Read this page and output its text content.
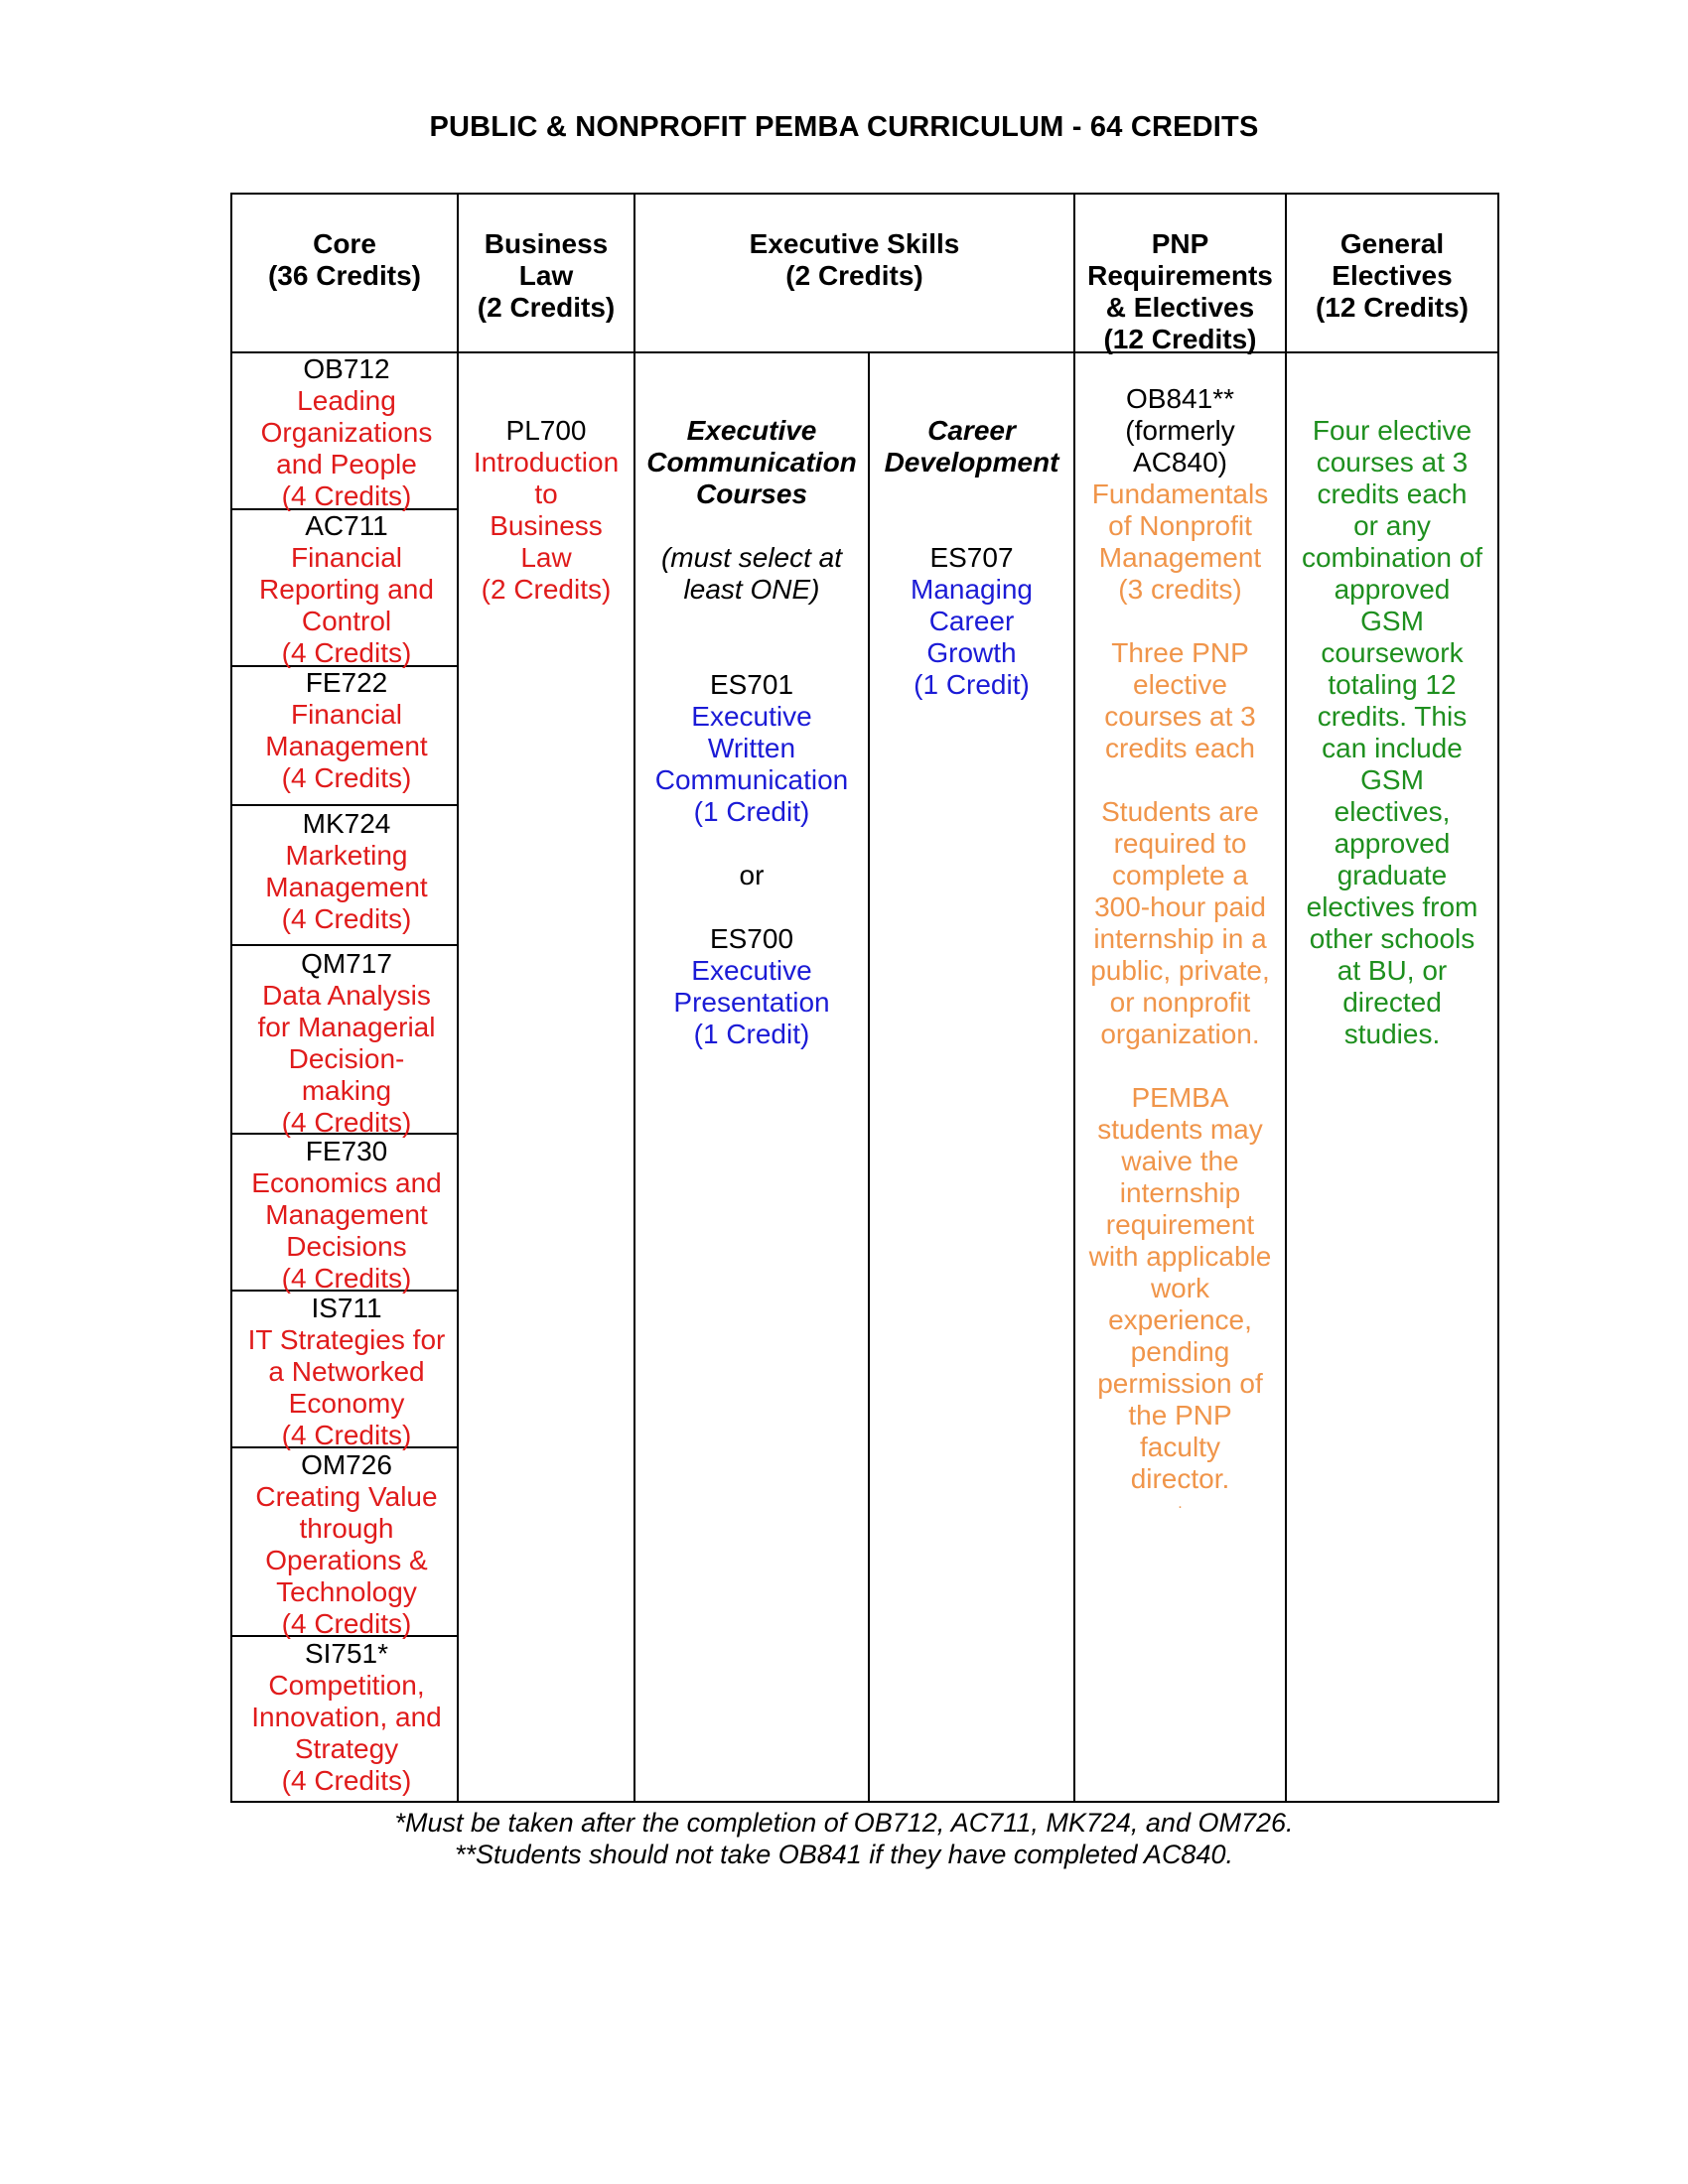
PUBLIC & NONPROFIT PEMBA CURRICULUM - 64 CREDITS
Core
(36 Credits)
Business
Law
(2 Credits)
Executive Skills
(2 Credits)
PNP
Requirements
& Electives
(12 Credits)
General
Electives
(12 Credits)
OB712
Leading
Organizations
and People
(4 Credits)
AC711
Financial
Reporting and
Control
(4 Credits)
FE722
Financial
Management
(4 Credits)
MK724
Marketing
Management
(4 Credits)
QM717
Data Analysis
for Managerial
Decision-
making
(4 Credits)
FE730
Economics and
Management
Decisions
(4 Credits)
IS711
IT Strategies for
a Networked
Economy
(4 Credits)
OM726
Creating Value
through
Operations &
Technology
(4 Credits)
SI751*
Competition,
Innovation, and
Strategy
(4 Credits)
PL700
Introduction
to
Business
Law
(2 Credits)
Executive
Communication
Courses
(must select at
least ONE)
ES701
Executive
Written
Communication
(1 Credit)
or
ES700
Executive
Presentation
(1 Credit)
Career
Development
ES707
Managing
Career
Growth
(1 Credit)
OB841**
(formerly
AC840)
Fundamentals
of Nonprofit
Management
(3 credits)
Three PNP
elective
courses at 3
credits each
Students are
required to
complete a
300-hour paid
internship in a
public, private,
or nonprofit
organization.
PEMBA
students may
waive the
internship
requirement
with applicable
work
experience,
pending
permission of
the PNP
faculty
director.
.
Four elective
courses at 3
credits each
or any
combination of
approved
GSM
coursework
totaling 12
credits. This
can include
GSM
electives,
approved
graduate
electives from
other schools
at BU, or
directed
studies.
*Must be taken after the completion of OB712, AC711, MK724, and OM726.
**Students should not take OB841 if they have completed AC840.
